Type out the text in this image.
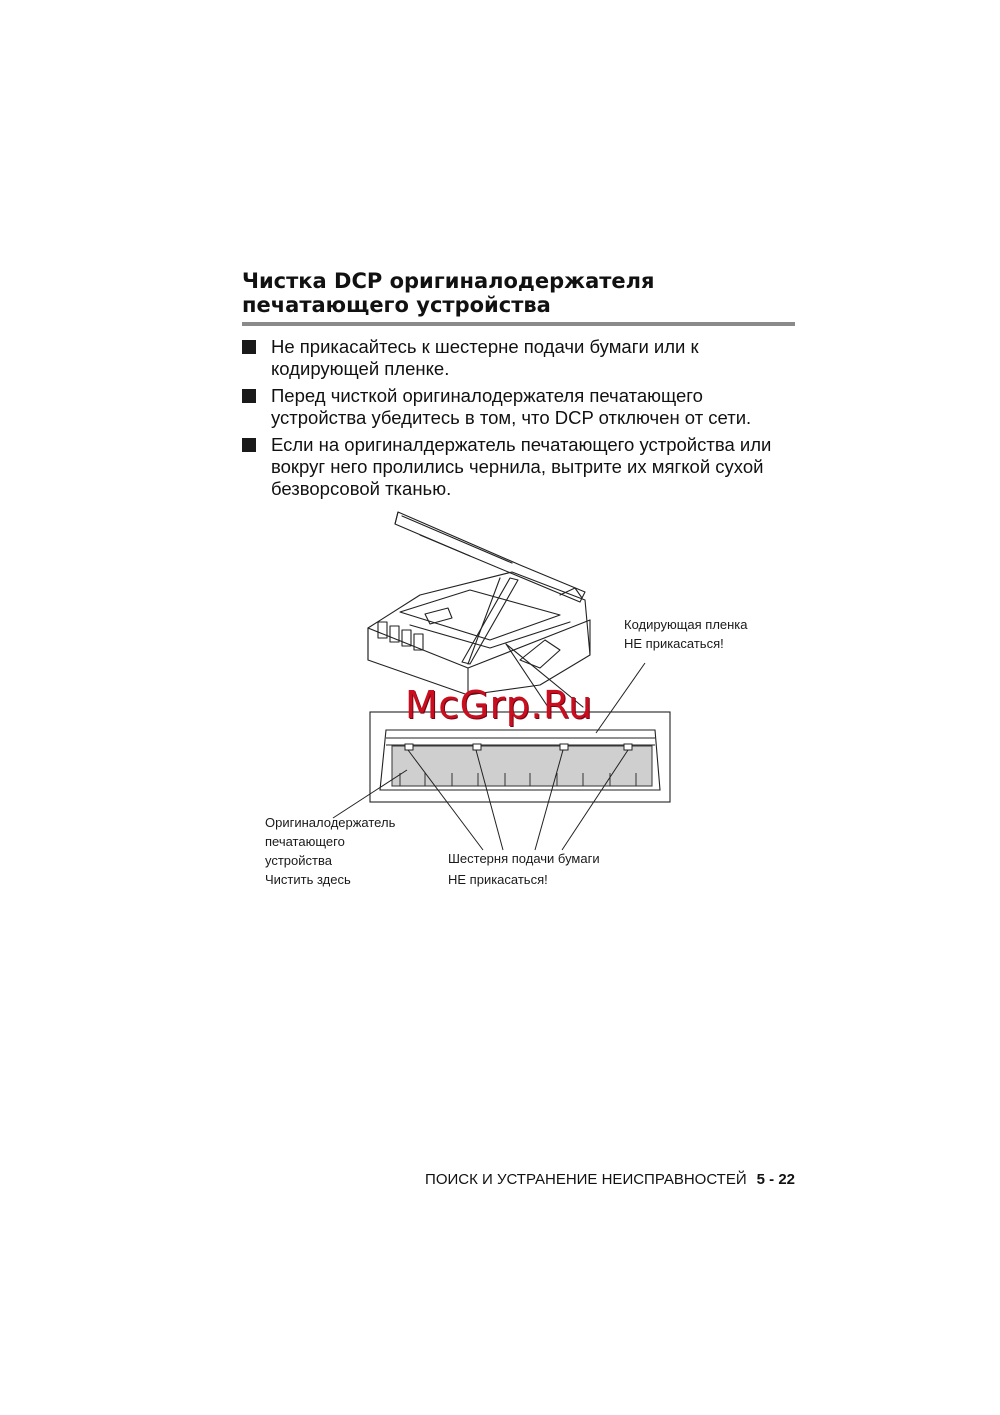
Чистка DCP оригиналодержателя
печатающего устройства
Не прикасайтесь к шестерне подачи бумаги или к
кодирующей пленке.
Перед чисткой оригиналодержателя печатающего
устройства убедитесь в том, что DCP отключен от сети.
Если на оригиналдержатель печатающего устройства или
вокруг него пролились чернила, вытрите их мягкой сухой
безворсовой тканью.
McGrp.Ru
Кодирующая пленка
НЕ прикасаться!
Оригиналодержатель
печатающего
устройства
Чистить здесь
Шестерня подачи бумаги
НЕ прикасаться!
ПОИСК И УСТРАНЕНИЕ НЕИСПРАВНОСТЕЙ 5 - 22
